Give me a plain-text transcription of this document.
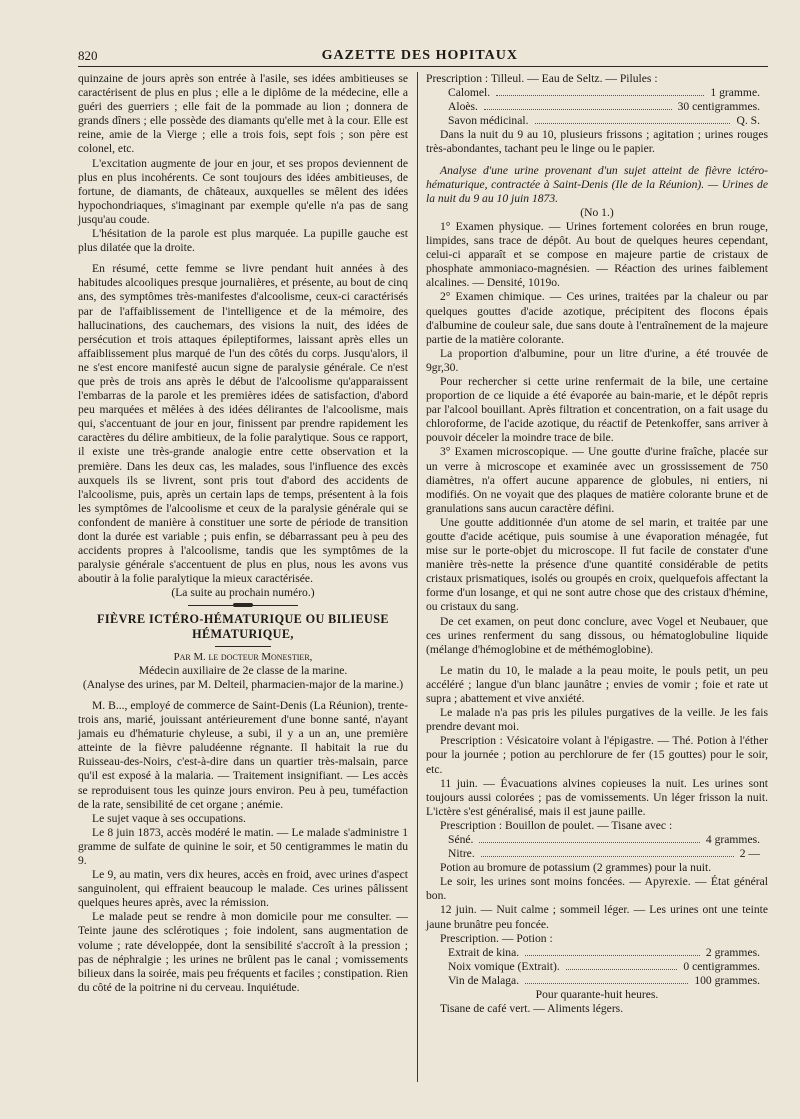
820	GAZETTE DES HOPITAUX

quinzaine de jours après son entrée à l'asile, ses idées ambitieuses se caractérisent de plus en plus ; elle a le diplôme de la médecine, elle a guéri des guerriers ; elle fait de la pommade au lion ; donnera de grands dîners ; elle possède des diamants qu'elle met à la cour. Elle est reine, amie de la Vierge ; elle a trois fois, sept fois ; son père est colonel, etc.

L'excitation augmente de jour en jour, et ses propos deviennent de plus en plus incohérents. Ce sont toujours des idées ambitieuses, de fortune, de diamants, de châteaux, auxquelles se mêlent des idées hypochondriaques, s'imaginant par exemple qu'elle n'a pas de sang jusqu'au coude.

L'hésitation de la parole est plus marquée. La pupille gauche est plus dilatée que la droite.

En résumé, cette femme se livre pendant huit années à des habitudes alcooliques presque journalières, et présente, au bout de cinq ans, des symptômes très-manifestes d'alcoolisme, ceux-ci caractérisés par de l'affaiblissement de l'intelligence et de la mémoire, des hallucinations, des cauchemars, des visions la nuit, des idées de persécution et trois attaques épileptiformes, laissant après elles un affaiblissement plus marqué de l'un des côtés du corps. Jusqu'alors, il ne s'est encore manifesté aucun signe de paralysie générale. Ce n'est que près de trois ans après le début de l'alcoolisme qu'apparaissent l'embarras de la parole et les premières idées de satisfaction, d'abord peu marquées et mêlées à des idées délirantes de l'alcoolisme, mais qui, s'accentuant de jour en jour, finissent par prendre rapidement les caractères du délire ambitieux, de la folie paralytique. Sous ce rapport, il existe une très-grande analogie entre cette observation et la première. Dans les deux cas, les malades, sous l'influence des excès auxquels ils se livrent, sont pris tout d'abord des accidents de l'alcoolisme, puis, après un certain laps de temps, présentent à la fois les symptômes de l'alcoolisme et ceux de la paralysie générale qui se confondent de manière à constituer une sorte de période de transition dont la durée est variable ; puis enfin, se débarrassant peu à peu des accidents propres à l'alcoolisme, tandis que les symptômes de la paralysie générale s'accentuent de plus en plus, nous les avons vus aboutir à la folie paralytique la mieux caractérisée.

(La suite au prochain numéro.)

FIÈVRE ICTÉRO-HÉMATURIQUE OU BILIEUSE HÉMATURIQUE,

Par M. le docteur Monestier,

Médecin auxiliaire de 2e classe de la marine.

(Analyse des urines, par M. Delteil, pharmacien-major de la marine.)

M. B..., employé de commerce de Saint-Denis (La Réunion), trente-trois ans, marié, jouissant antérieurement d'une bonne santé, n'ayant jamais eu d'hématurie chyleuse, a subi, il y a un an, une première atteinte de la fièvre paludéenne régnante. Il habitait la rue du Ruisseau-des-Noirs, c'est-à-dire dans un quartier très-malsain, parce qu'il est exposé à la malaria. — Traitement insignifiant. — Les accès se reproduisent tous les quinze jours environ. Peu à peu, tuméfaction de la rate, sensibilité de cet organe ; anémie.

Le sujet vaque à ses occupations.

Le 8 juin 1873, accès modéré le matin. — Le malade s'administre 1 gramme de sulfate de quinine le soir, et 50 centigrammes le matin du 9.

Le 9, au matin, vers dix heures, accès en froid, avec urines d'aspect sanguinolent, qui effraient beaucoup le malade. Ces urines pâlissent quelques heures après, avec la rémission.

Le malade peut se rendre à mon domicile pour me consulter. — Teinte jaune des sclérotiques ; foie indolent, sans augmentation de volume ; rate développée, dont la sensibilité s'accroît à la pression ; pas de néphralgie ; les urines ne brûlent pas le canal ; vomissements bilieux dans la soirée, mais peu fréquents et faciles ; constipation. Rien du côté de la poitrine ni du cerveau. Inquiétude.

Prescription : Tilleul. — Eau de Seltz. — Pilules :

Calomel.	1 gramme.
Aloès.	30 centigrammes.
Savon médicinal.	Q. S.

Dans la nuit du 9 au 10, plusieurs frissons ; agitation ; urines rouges très-abondantes, tachant peu le linge ou le papier.

Analyse d'une urine provenant d'un sujet atteint de fièvre ictéro-hématurique, contractée à Saint-Denis (Ile de la Réunion). — Urines de la nuit du 9 au 10 juin 1873.

(No 1.)

1° Examen physique. — Urines fortement colorées en brun rouge, limpides, sans trace de dépôt. Au bout de quelques heures cependant, celui-ci apparaît et se compose en majeure partie de cristaux de phosphate ammoniaco-magnésien. — Réaction des urines faiblement alcalines. — Densité, 1019o.

2° Examen chimique. — Ces urines, traitées par la chaleur ou par quelques gouttes d'acide azotique, précipitent des flocons épais d'albumine de couleur sale, due sans doute à l'entraînement de la majeure partie de la matière colorante.

La proportion d'albumine, pour un litre d'urine, a été trouvée de 9gr,30.

Pour rechercher si cette urine renfermait de la bile, une certaine proportion de ce liquide a été évaporée au bain-marie, et le dépôt repris par l'alcool bouillant. Après filtration et concentration, on a fait usage du chloroforme, de l'acide azotique, du réactif de Petenkoffer, sans arriver à pouvoir déceler la moindre trace de bile.

3° Examen microscopique. — Une goutte d'urine fraîche, placée sur un verre à microscope et examinée avec un grossissement de 750 diamètres, n'a offert aucune apparence de globules, ni entiers, ni modifiés. On ne voyait que des plaques de matière colorante brune et de granulations sans aucun caractère défini.

Une goutte additionnée d'un atome de sel marin, et traitée par une goutte d'acide acétique, puis soumise à une évaporation ménagée, fut mise sur le porte-objet du microscope. Il fut facile de constater d'une manière très-nette la présence d'une quantité considérable de petits cristaux prismatiques, isolés ou groupés en croix, quelquefois affectant la forme d'un losange, et qui ne sont autre chose que des cristaux d'hémine, ou cristaux du sang.

De cet examen, on peut donc conclure, avec Vogel et Neubauer, que ces urines renferment du sang dissous, ou hématoglobuline liquide (mélange d'hémoglobine et de méthémoglobine).

Le matin du 10, le malade a la peau moite, le pouls petit, un peu accéléré ; langue d'un blanc jaunâtre ; envies de vomir ; foie et rate ut supra ; abattement et vive anxiété.

Le malade n'a pas pris les pilules purgatives de la veille. Je les fais prendre devant moi.

Prescription : Vésicatoire volant à l'épigastre. — Thé. Potion à l'éther pour la journée ; potion au perchlorure de fer (15 gouttes) pour le soir, etc.

11 juin. — Évacuations alvines copieuses la nuit. Les urines sont toujours aussi colorées ; pas de vomissements. Un léger frisson la nuit. L'ictère s'est généralisé, mais il est jaune paille.

Prescription : Bouillon de poulet. — Tisane avec :

Séné.	4 grammes.
Nitre.	2 —

Potion au bromure de potassium (2 grammes) pour la nuit.

Le soir, les urines sont moins foncées. — Apyrexie. — État général bon.

12 juin. — Nuit calme ; sommeil léger. — Les urines ont une teinte jaune brunâtre peu foncée.

Prescription. — Potion :

Extrait de kina.	2 grammes.
Noix vomique (Extrait).	0 centigrammes.
Vin de Malaga.	100 grammes.

Pour quarante-huit heures.

Tisane de café vert. — Aliments légers.
